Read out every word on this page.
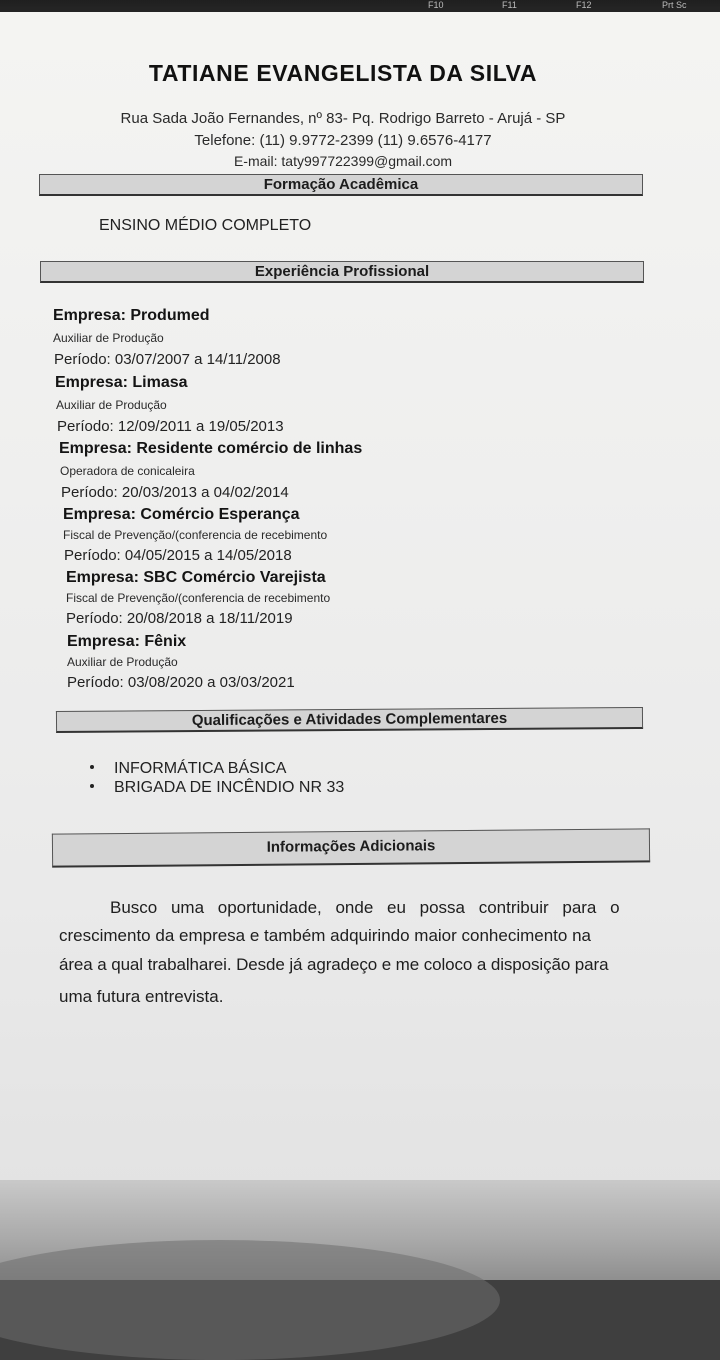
F10	F11	F12	Prt Sc
TATIANE EVANGELISTA DA SILVA
Rua Sada João Fernandes, nº 83- Pq. Rodrigo Barreto - Arujá - SP
Telefone: (11) 9.9772-2399 (11) 9.6576-4177
E-mail: taty997722399@gmail.com
Formação Acadêmica
ENSINO MÉDIO COMPLETO
Experiência Profissional
Empresa: Produmed
Auxiliar de Produção
Período: 03/07/2007 a 14/11/2008
Empresa: Limasa
Auxiliar de Produção
Período: 12/09/2011 a 19/05/2013
Empresa: Residente comércio de linhas
Operadora de conicaleira
Período: 20/03/2013 a 04/02/2014
Empresa: Comércio Esperança
Fiscal de Prevenção/(conferencia de recebimento
Período: 04/05/2015 a 14/05/2018
Empresa: SBC Comércio Varejista
Fiscal de Prevenção/(conferencia de recebimento
Período: 20/08/2018 a 18/11/2019
Empresa: Fênix
Auxiliar de Produção
Período: 03/08/2020 a 03/03/2021
Qualificações e Atividades Complementares
INFORMÁTICA BÁSICA
BRIGADA DE INCÊNDIO NR 33
Informações Adicionais
Busco uma oportunidade, onde eu possa contribuir para o
crescimento da empresa e também adquirindo maior conhecimento na
área a qual trabalharei. Desde já agradeço e me coloco a disposição para
uma futura entrevista.
